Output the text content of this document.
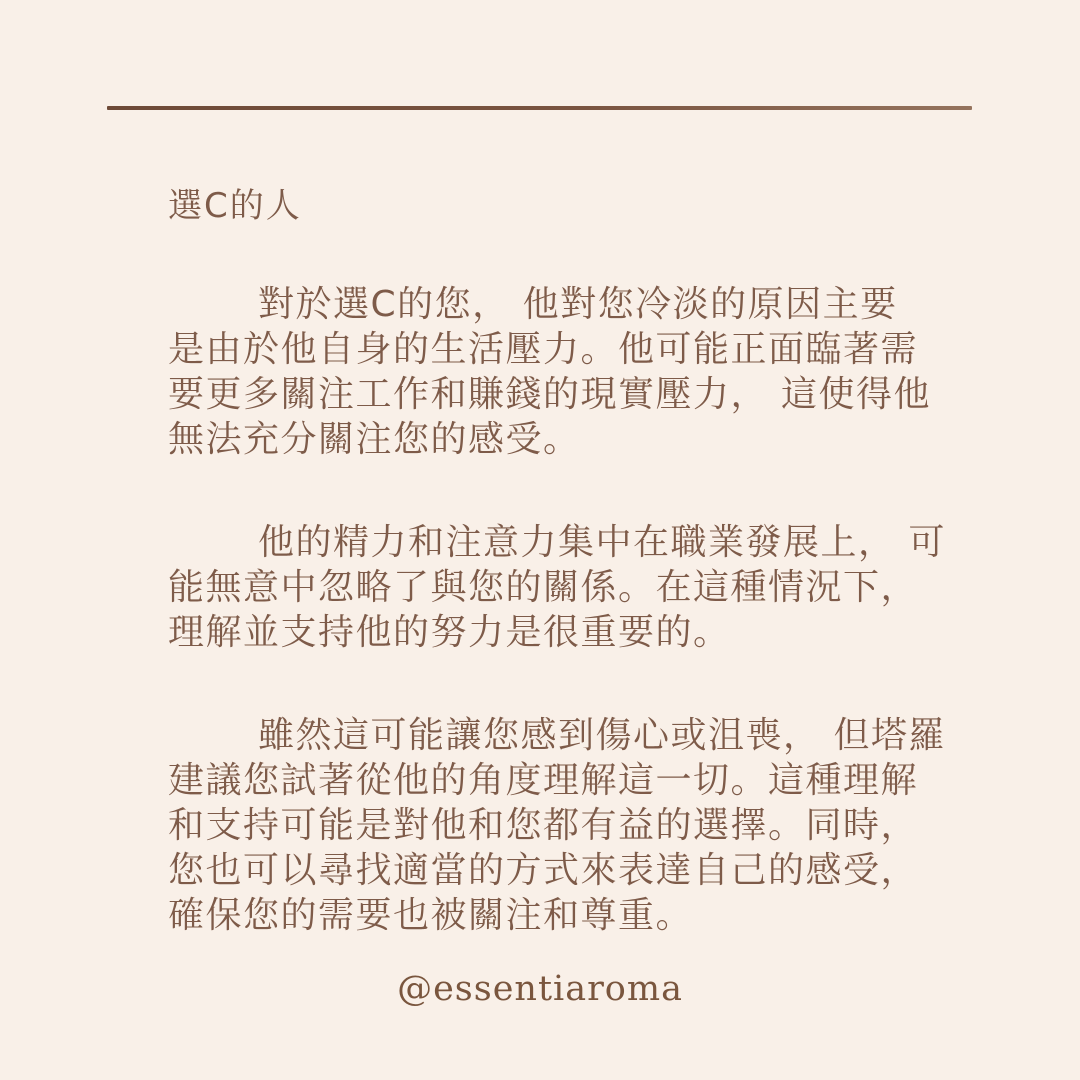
選C的人
對於選C的您， 他對您冷淡的原因主要
是由於他自身的生活壓力。他可能正面臨著需
要更多關注工作和賺錢的現實壓力， 這使得他
無法充分關注您的感受。
他的精力和注意力集中在職業發展上， 可
能無意中忽略了與您的關係。在這種情況下，
理解並支持他的努力是很重要的。
雖然這可能讓您感到傷心或沮喪， 但塔羅
建議您試著從他的角度理解這一切。這種理解
和支持可能是對他和您都有益的選擇。同時，
您也可以尋找適當的方式來表達自己的感受，
確保您的需要也被關注和尊重。
@essentiaroma
